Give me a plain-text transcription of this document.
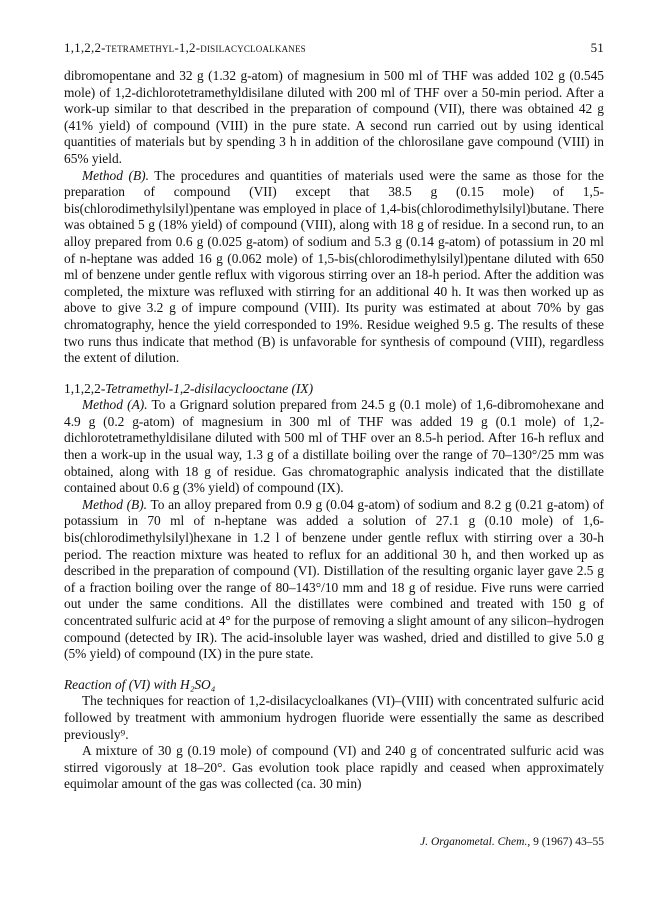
1,1,2,2-tetramethyl-1,2-disilacycloalkanes	51

dibromopentane and 32 g (1.32 g-atom) of magnesium in 500 ml of THF was added 102 g (0.545 mole) of 1,2-dichlorotetramethyldisilane diluted with 200 ml of THF over a 50-min period. After a work-up similar to that described in the preparation of compound (VII), there was obtained 42 g (41% yield) of compound (VIII) in the pure state. A second run carried out by using identical quantities of materials but by spending 3 h in addition of the chlorosilane gave compound (VIII) in 65% yield.

Method (B). The procedures and quantities of materials used were the same as those for the preparation of compound (VII) except that 38.5 g (0.15 mole) of 1,5-bis(chlorodimethylsilyl)pentane was employed in place of 1,4-bis(chlorodimethylsilyl)butane. There was obtained 5 g (18% yield) of compound (VIII), along with 18 g of residue. In a second run, to an alloy prepared from 0.6 g (0.025 g-atom) of sodium and 5.3 g (0.14 g-atom) of potassium in 20 ml of n-heptane was added 16 g (0.062 mole) of 1,5-bis(chlorodimethylsilyl)pentane diluted with 650 ml of benzene under gentle reflux with vigorous stirring over an 18-h period. After the addition was completed, the mixture was refluxed with stirring for an additional 40 h. It was then worked up as above to give 3.2 g of impure compound (VIII). Its purity was estimated at about 70% by gas chromatography, hence the yield corresponded to 19%. Residue weighed 9.5 g. The results of these two runs thus indicate that method (B) is unfavorable for synthesis of compound (VIII), regardless the extent of dilution.

1,1,2,2-Tetramethyl-1,2-disilacyclooctane (IX)

Method (A). To a Grignard solution prepared from 24.5 g (0.1 mole) of 1,6-dibromohexane and 4.9 g (0.2 g-atom) of magnesium in 300 ml of THF was added 19 g (0.1 mole) of 1,2-dichlorotetramethyldisilane diluted with 500 ml of THF over an 8.5-h period. After 16-h reflux and then a work-up in the usual way, 1.3 g of a distillate boiling over the range of 70–130°/25 mm was obtained, along with 18 g of residue. Gas chromatographic analysis indicated that the distillate contained about 0.6 g (3% yield) of compound (IX).

Method (B). To an alloy prepared from 0.9 g (0.04 g-atom) of sodium and 8.2 g (0.21 g-atom) of potassium in 70 ml of n-heptane was added a solution of 27.1 g (0.10 mole) of 1,6-bis(chlorodimethylsilyl)hexane in 1.2 l of benzene under gentle reflux with stirring over a 30-h period. The reaction mixture was heated to reflux for an additional 30 h, and then worked up as described in the preparation of compound (VI). Distillation of the resulting organic layer gave 2.5 g of a fraction boiling over the range of 80–143°/10 mm and 18 g of residue. Five runs were carried out under the same conditions. All the distillates were combined and treated with 150 g of concentrated sulfuric acid at 4° for the purpose of removing a slight amount of any silicon–hydrogen compound (detected by IR). The acid-insoluble layer was washed, dried and distilled to give 5.0 g (5% yield) of compound (IX) in the pure state.

Reaction of (VI) with H₂SO₄

The techniques for reaction of 1,2-disilacycloalkanes (VI)–(VIII) with concentrated sulfuric acid followed by treatment with ammonium hydrogen fluoride were essentially the same as described previously⁹.

A mixture of 30 g (0.19 mole) of compound (VI) and 240 g of concentrated sulfuric acid was stirred vigorously at 18–20°. Gas evolution took place rapidly and ceased when approximately equimolar amount of the gas was collected (ca. 30 min)

J. Organometal. Chem., 9 (1967) 43–55
